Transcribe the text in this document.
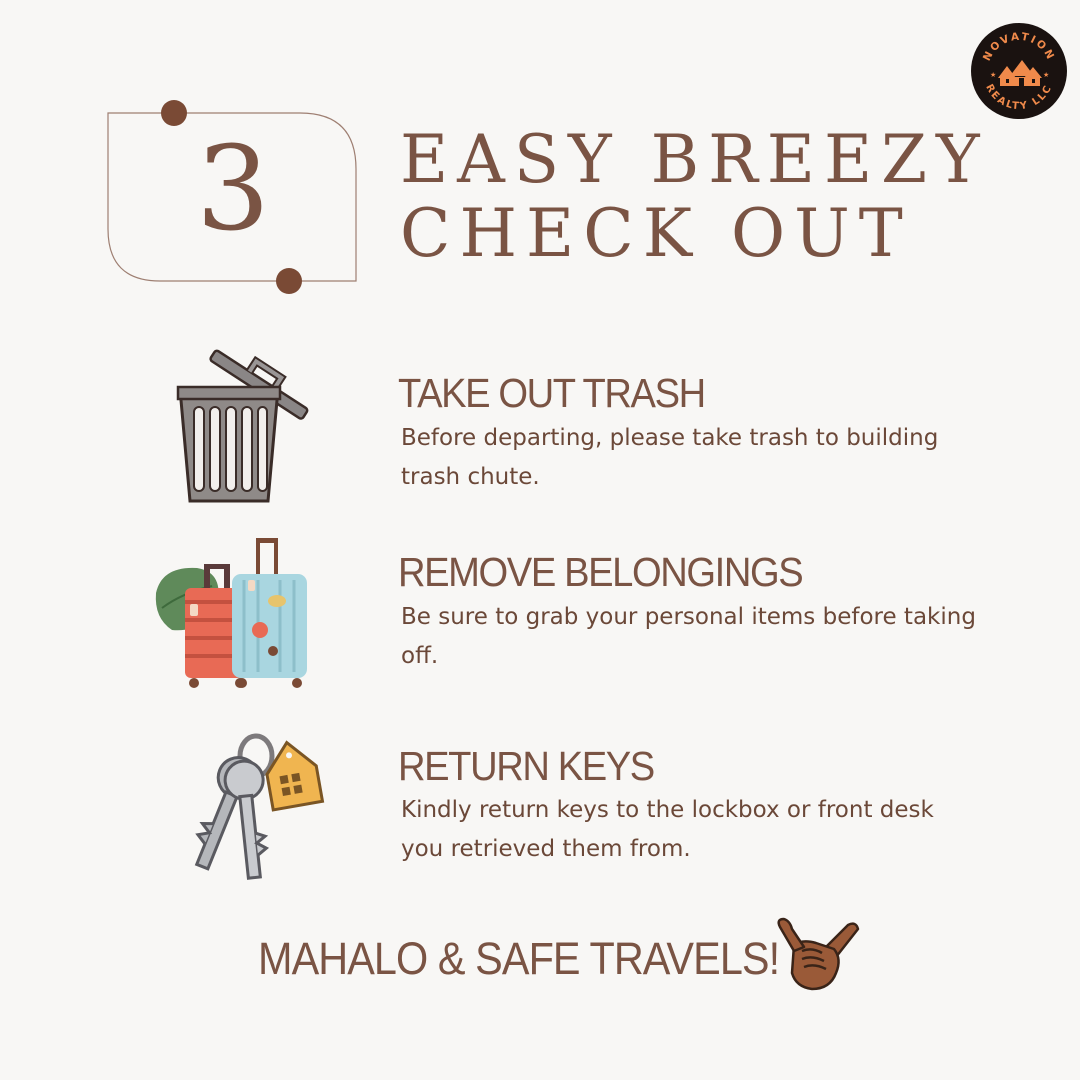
NOVATION
REALTY LLC
★	★
3 EASY BREEZY
CHECK OUT
TAKE OUT TRASH
Before departing, please take trash to building trash chute.
REMOVE BELONGINGS
Be sure to grab your personal items before taking off.
RETURN KEYS
Kindly return keys to the lockbox or front desk you retrieved them from.
MAHALO & SAFE TRAVELS!
